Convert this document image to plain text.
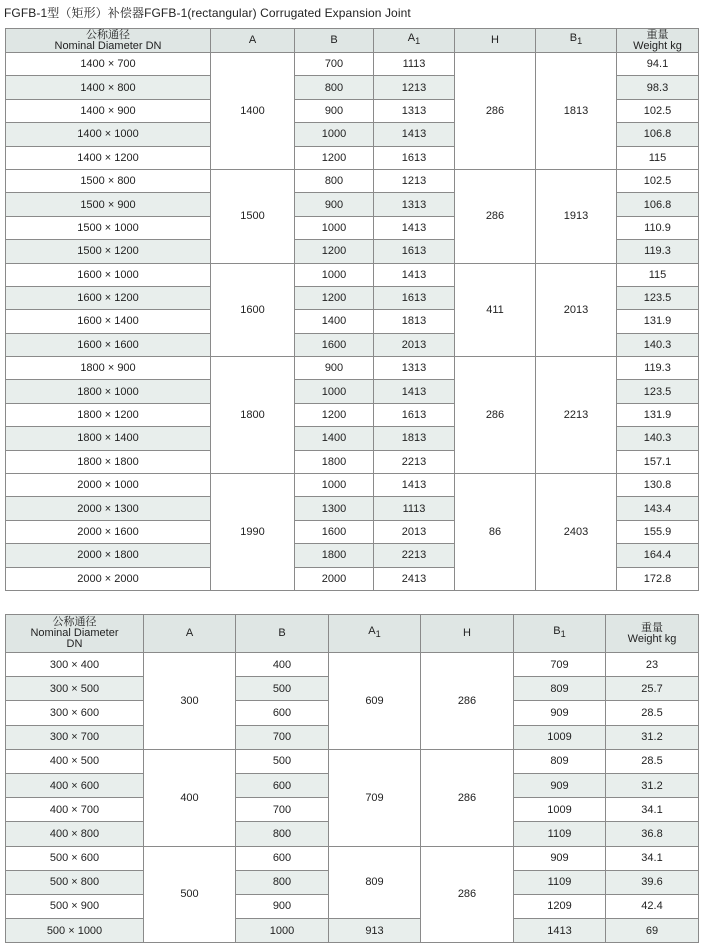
FGFB-1型（矩形）补偿器FGFB-1(rectangular) Corrugated Expansion Joint
公称通径
Nominal Diameter DN	A	B	$A_1$	H	$B_1$	重量
Weight kg

1400 × 700	1400	700	1113	286	1813	94.1
1400 × 800		800	1213			98.3
1400 × 900		900	1313			102.5
1400 × 1000		1000	1413			106.8
1400 × 1200		1200	1613			115
1500 × 800	1500	800	1213	286	1913	102.5
1500 × 900		900	1313			106.8
1500 × 1000		1000	1413			110.9
1500 × 1200		1200	1613			119.3
1600 × 1000	1600	1000	1413	411	2013	115
1600 × 1200		1200	1613			123.5
1600 × 1400		1400	1813			131.9
1600 × 1600		1600	2013			140.3
1800 × 900	1800	900	1313	286	2213	119.3
1800 × 1000		1000	1413			123.5
1800 × 1200		1200	1613			131.9
1800 × 1400		1400	1813			140.3
1800 × 1800		1800	2213			157.1
2000 × 1000	1990	1000	1413	86	2403	130.8
2000 × 1300		1300	1113			143.4
2000 × 1600		1600	2013			155.9
2000 × 1800		1800	2213			164.4
2000 × 2000		2000	2413			172.8
公称通径
Nominal Diameter
DN	A	B	$A_1$	H	$B_1$	重量
Weight kg

300 × 400	300	400	609	286	709	23
300 × 500		500			809	25.7
300 × 600		600			909	28.5
300 × 700		700			1009	31.2
400 × 500	400	500	709	286	809	28.5
400 × 600		600			909	31.2
400 × 700		700			1009	34.1
400 × 800		800			1109	36.8
500 × 600	500	600	809	286	909	34.1
500 × 800		800			1109	39.6
500 × 900		900			1209	42.4
500 × 1000		1000	913		1413	69
